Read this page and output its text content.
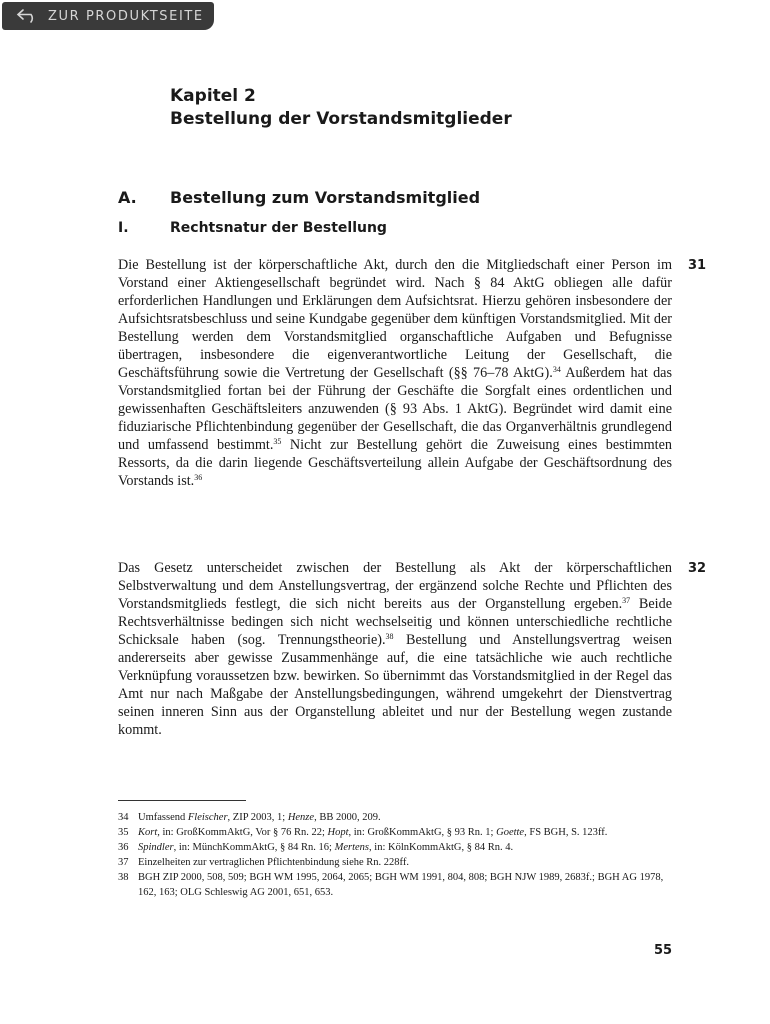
ZUR PRODUKTSEITE
Kapitel 2
Bestellung der Vorstandsmitglieder
A. Bestellung zum Vorstandsmitglied
I.	Rechtsnatur der Bestellung
31

Die Bestellung ist der körperschaftliche Akt, durch den die Mitgliedschaft einer Person im Vorstand einer Aktiengesellschaft begründet wird. Nach § 84 AktG obliegen alle dafür erforderlichen Handlungen und Erklärungen dem Aufsichtsrat. Hierzu gehören insbesondere der Aufsichtsratsbeschluss und seine Kundgabe gegenüber dem künftigen Vorstandsmitglied. Mit der Bestellung werden dem Vorstandsmitglied organschaftliche Aufgaben und Befugnisse übertragen, insbesondere die eigenverantwortliche Leitung der Gesellschaft, die Geschäftsführung sowie die Vertretung der Gesellschaft (§§ 76–78 AktG).$^{34}$ Außerdem hat das Vorstandsmitglied fortan bei der Führung der Geschäfte die Sorgfalt eines ordentlichen und gewissenhaften Geschäftsleiters anzuwenden (§ 93 Abs. 1 AktG). Begründet wird damit eine fiduziarische Pflichtenbindung gegenüber der Gesellschaft, die das Organverhältnis grundlegend und umfassend bestimmt.$^{35}$ Nicht zur Bestellung gehört die Zuweisung eines bestimmten Ressorts, da die darin liegende Geschäftsverteilung allein Aufgabe der Geschäftsordnung des Vorstands ist.$^{36}$

32

Das Gesetz unterscheidet zwischen der Bestellung als Akt der körperschaftlichen Selbstverwaltung und dem Anstellungsvertrag, der ergänzend solche Rechte und Pflichten des Vorstandsmitglieds festlegt, die sich nicht bereits aus der Organstellung ergeben.$^{37}$ Beide Rechtsverhältnisse bedingen sich nicht wechselseitig und können unterschiedliche rechtliche Schicksale haben (sog. Trennungstheorie).$^{38}$ Bestellung und Anstellungsvertrag weisen andererseits aber gewisse Zusammenhänge auf, die eine tatsächliche wie auch rechtliche Verknüpfung voraussetzen bzw. bewirken. So übernimmt das Vorstandsmitglied in der Regel das Amt nur nach Maßgabe der Anstellungsbedingungen, während umgekehrt der Dienstvertrag seinen inneren Sinn aus der Organstellung ableitet und nur der Bestellung wegen zustande kommt.

34 Umfassend Fleischer, ZIP 2003, 1; Henze, BB 2000, 209.
35 Kort, in: GroßKommAktG, Vor § 76 Rn. 22; Hopt, in: GroßKommAktG, § 93 Rn. 1; Goette, FS BGH, S. 123ff.
36 Spindler, in: MünchKommAktG, § 84 Rn. 16; Mertens, in: KölnKommAktG, § 84 Rn. 4.
37 Einzelheiten zur vertraglichen Pflichtenbindung siehe Rn. 228ff.
38 BGH ZIP 2000, 508, 509; BGH WM 1995, 2064, 2065; BGH WM 1991, 804, 808; BGH NJW 1989, 2683f.; BGH AG 1978, 162, 163; OLG Schleswig AG 2001, 651, 653.
55
